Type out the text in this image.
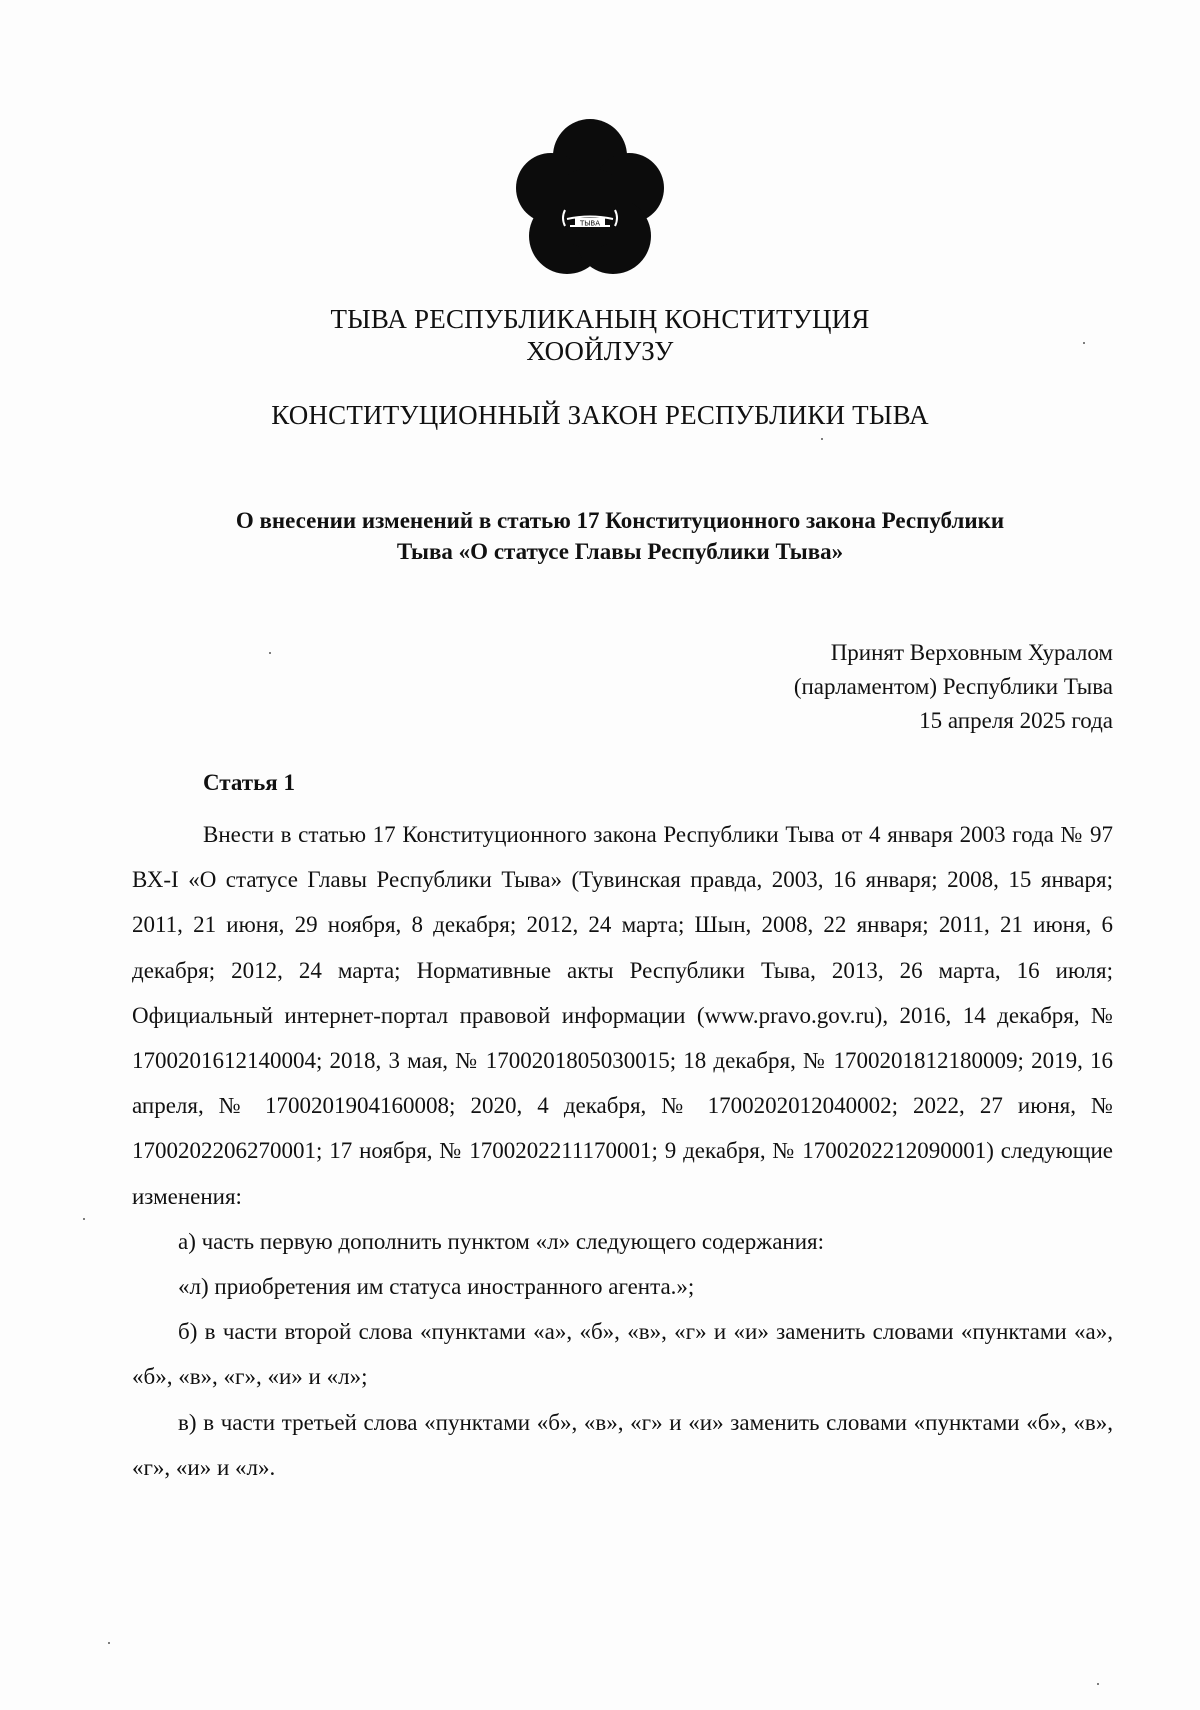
ТЫВА
ТЫВА РЕСПУБЛИКАНЫҢ КОНСТИТУЦИЯ
ХООЙЛУЗУ
КОНСТИТУЦИОННЫЙ ЗАКОН РЕСПУБЛИКИ ТЫВА
О внесении изменений в статью 17 Конституционного закона Республики
Тыва «О статусе Главы Республики Тыва»
Принят Верховным Хуралом
(парламентом) Республики Тыва
15 апреля 2025 года
Статья 1

Внести в статью 17 Конституционного закона Республики Тыва от 4 января 2003 года № 97 ВХ-I «О статусе Главы Республики Тыва» (Тувинская правда, 2003, 16 января; 2008, 15 января; 2011, 21 июня, 29 ноября, 8 декабря; 2012, 24 марта; Шын, 2008, 22 января; 2011, 21 июня, 6 декабря; 2012, 24 марта; Нормативные акты Республики Тыва, 2013, 26 марта, 16 июля; Официальный интернет-портал правовой информации (www.pravo.gov.ru), 2016, 14 декабря, № 1700201612140004; 2018, 3 мая, № 1700201805030015; 18 декабря, № 1700201812180009; 2019, 16 апреля, № 1700201904160008; 2020, 4 декабря, № 1700202012040002; 2022, 27 июня, № 1700202206270001; 17 ноября, № 1700202211170001; 9 декабря, № 1700202212090001) следующие изменения:

а) часть первую дополнить пунктом «л» следующего содержания:

«л) приобретения им статуса иностранного агента.»;

б) в части второй слова «пунктами «а», «б», «в», «г» и «и» заменить словами «пунктами «а», «б», «в», «г», «и» и «л»;

в) в части третьей слова «пунктами «б», «в», «г» и «и» заменить словами «пунктами «б», «в», «г», «и» и «л».
